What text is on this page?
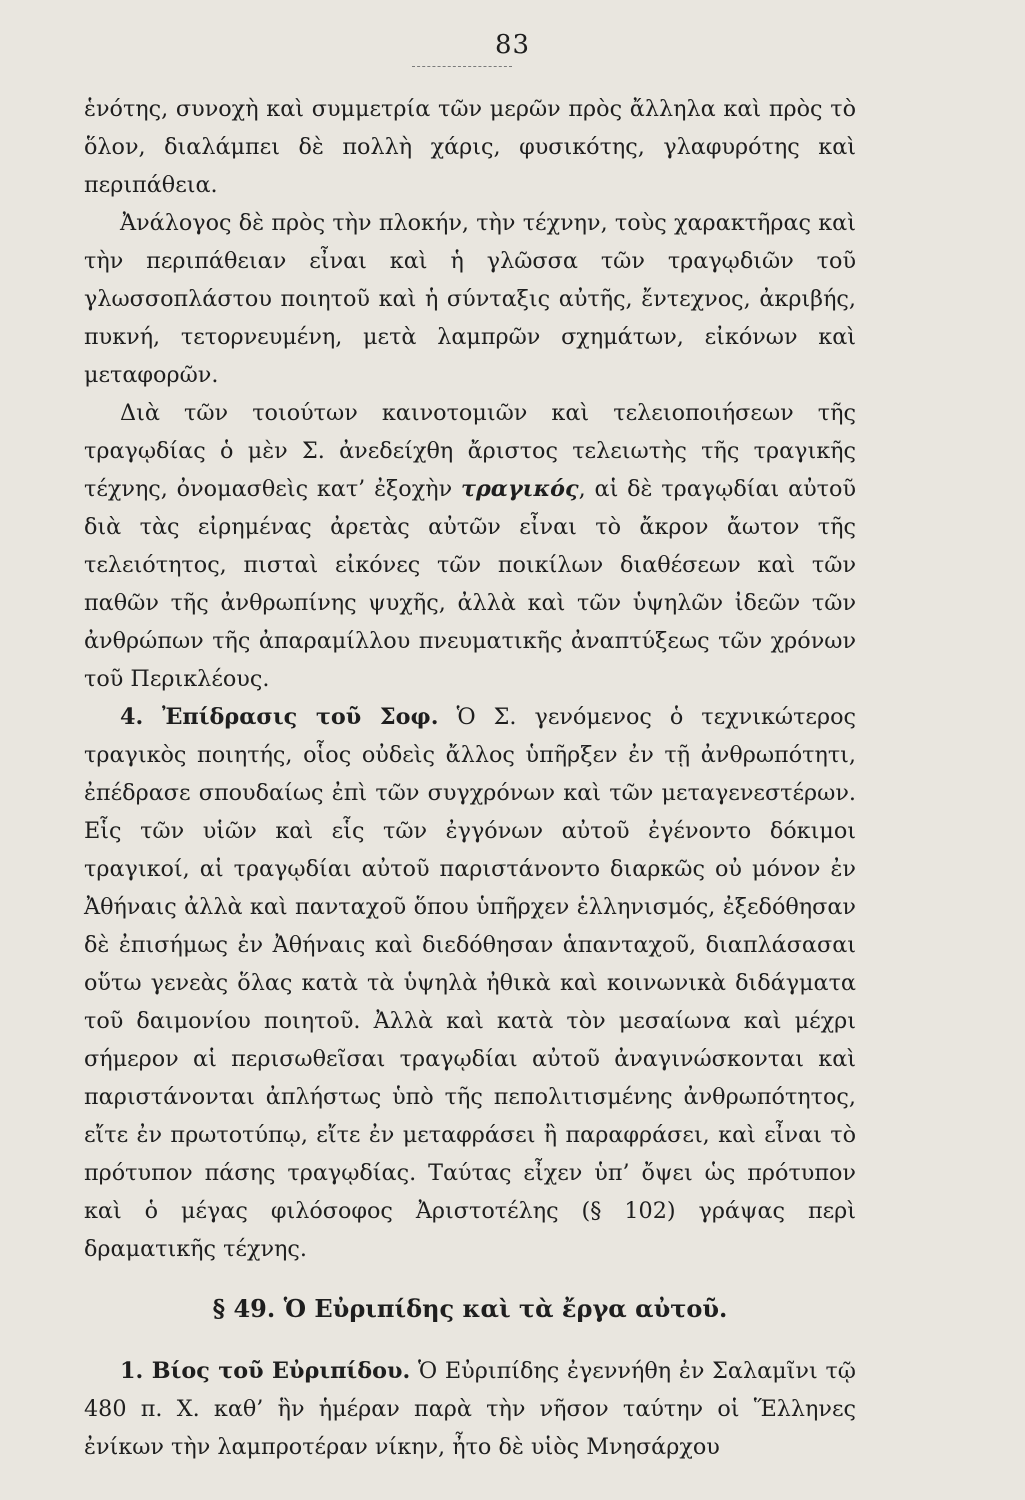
83

ἑνότης, συνοχὴ καὶ συμμετρία τῶν μερῶν πρὸς ἄλληλα καὶ πρὸς τὸ ὅλον, διαλάμπει δὲ πολλὴ χάρις, φυσικότης, γλαφυρότης καὶ περιπάθεια.

Ἀνάλογος δὲ πρὸς τὴν πλοκήν, τὴν τέχνην, τοὺς χαρακτῆρας καὶ τὴν περιπάθειαν εἶναι καὶ ἡ γλῶσσα τῶν τραγῳδιῶν τοῦ γλωσσοπλάστου ποιητοῦ καὶ ἡ σύνταξις αὐτῆς, ἔντεχνος, ἀκριβής, πυκνή, τετορνευμένη, μετὰ λαμπρῶν σχημάτων, εἰκόνων καὶ μεταφορῶν.

Διὰ τῶν τοιούτων καινοτομιῶν καὶ τελειοποιήσεων τῆς τραγῳδίας ὁ μὲν Σ. ἀνεδείχθη ἄριστος τελειωτὴς τῆς τραγικῆς τέχνης, ὀνομασθεὶς κατ’ ἐξοχὴν τραγικός, αἱ δὲ τραγῳδίαι αὐτοῦ διὰ τὰς εἰρημένας ἀρετὰς αὐτῶν εἶναι τὸ ἄκρον ἄωτον τῆς τελειότητος, πισταὶ εἰκόνες τῶν ποικίλων διαθέσεων καὶ τῶν παθῶν τῆς ἀνθρωπίνης ψυχῆς, ἀλλὰ καὶ τῶν ὑψηλῶν ἰδεῶν τῶν ἀνθρώπων τῆς ἀπαραμίλλου πνευματικῆς ἀναπτύξεως τῶν χρόνων τοῦ Περικλέους.

4. Ἐπίδρασις τοῦ Σοφ. Ὁ Σ. γενόμενος ὁ τεχνικώτερος τραγικὸς ποιητής, οἷος οὐδεὶς ἄλλος ὑπῆρξεν ἐν τῇ ἀνθρωπότητι, ἐπέδρασε σπουδαίως ἐπὶ τῶν συγχρόνων καὶ τῶν μεταγενεστέρων. Εἷς τῶν υἱῶν καὶ εἷς τῶν ἐγγόνων αὐτοῦ ἐγένοντο δόκιμοι τραγικοί, αἱ τραγῳδίαι αὐτοῦ παριστάνοντο διαρκῶς οὐ μόνον ἐν Ἀθήναις ἀλλὰ καὶ πανταχοῦ ὅπου ὑπῆρχεν ἑλληνισμός, ἐξεδόθησαν δὲ ἐπισήμως ἐν Ἀθήναις καὶ διεδόθησαν ἁπανταχοῦ, διαπλάσασαι οὕτω γενεὰς ὅλας κατὰ τὰ ὑψηλὰ ἠθικὰ καὶ κοινωνικὰ διδάγματα τοῦ δαιμονίου ποιητοῦ. Ἀλλὰ καὶ κατὰ τὸν μεσαίωνα καὶ μέχρι σήμερον αἱ περισωθεῖσαι τραγῳδίαι αὐτοῦ ἀναγινώσκονται καὶ παριστάνονται ἀπλήστως ὑπὸ τῆς πεπολιτισμένης ἀνθρωπότητος, εἴτε ἐν πρωτοτύπῳ, εἴτε ἐν μεταφράσει ἢ παραφράσει, καὶ εἶναι τὸ πρότυπον πάσης τραγῳδίας. Ταύτας εἶχεν ὑπ’ ὄψει ὡς πρότυπον καὶ ὁ μέγας φιλόσοφος Ἀριστοτέλης (§ 102) γράψας περὶ δραματικῆς τέχνης.

§ 49. Ὁ Εὐριπίδης καὶ τὰ ἔργα αὐτοῦ.

1. Βίος τοῦ Εὐριπίδου. Ὁ Εὐριπίδης ἐγεννήθη ἐν Σαλαμῖνι τῷ 480 π. Χ. καθ’ ἣν ἡμέραν παρὰ τὴν νῆσον ταύτην οἱ Ἕλληνες ἐνίκων τὴν λαμπροτέραν νίκην, ἦτο δὲ υἱὸς Μνησάρχου
